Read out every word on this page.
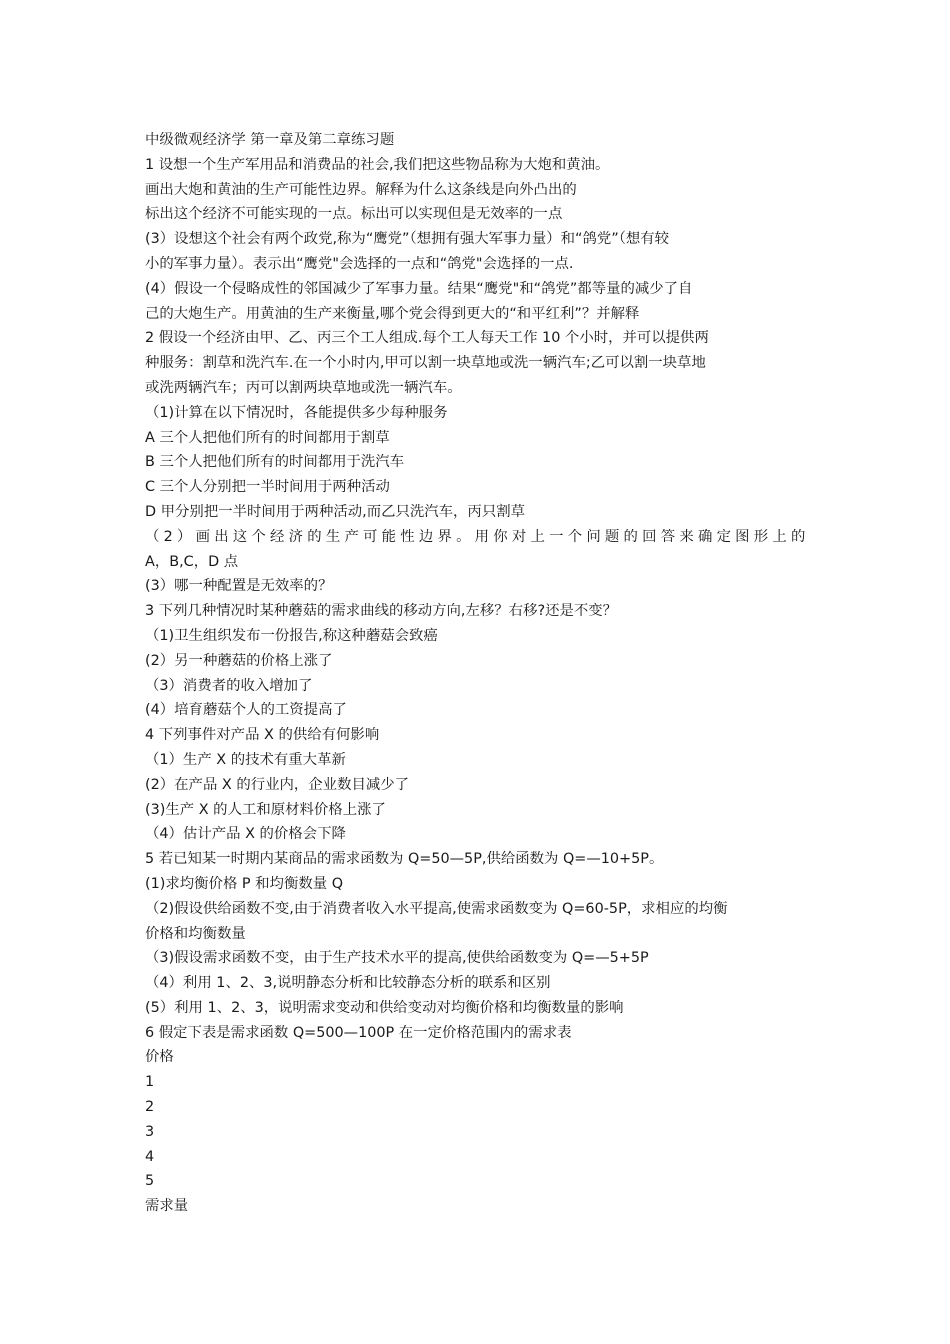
中级微观经济学 第一章及第二章练习题

1 设想一个生产军用品和消费品的社会,我们把这些物品称为大炮和黄油。

画出大炮和黄油的生产可能性边界。解释为什么这条线是向外凸出的

标出这个经济不可能实现的一点。标出可以实现但是无效率的一点

(3）设想这个社会有两个政党,称为“鹰党”（想拥有强大军事力量）和“鸽党”（想有较

小的军事力量）。表示出“鹰党"会选择的一点和“鸽党"会选择的一点.

(4）假设一个侵略成性的邻国减少了军事力量。结果“鹰党"和“鸽党”都等量的减少了自

己的大炮生产。用黄油的生产来衡量,哪个党会得到更大的“和平红利”？并解释

2 假设一个经济由甲、乙、丙三个工人组成.每个工人每天工作 10 个小时，并可以提供两

种服务：割草和洗汽车.在一个小时内,甲可以割一块草地或洗一辆汽车;乙可以割一块草地

或洗两辆汽车；丙可以割两块草地或洗一辆汽车。

（1)计算在以下情况时，各能提供多少每种服务

A 三个人把他们所有的时间都用于割草

B 三个人把他们所有的时间都用于洗汽车

C 三个人分别把一半时间用于两种活动

D 甲分别把一半时间用于两种活动,而乙只洗汽车，丙只割草

（2）画出这个经济的生产可能性边界。用你对上一个问题的回答来确定图形上的

A，B,C，D 点

(3）哪一种配置是无效率的？

3 下列几种情况时某种蘑菇的需求曲线的移动方向,左移？右移?还是不变？

（1)卫生组织发布一份报告,称这种蘑菇会致癌

(2）另一种蘑菇的价格上涨了

（3）消费者的收入增加了

(4）培育蘑菇个人的工资提高了

4 下列事件对产品 X 的供给有何影响

（1）生产 X 的技术有重大革新

(2）在产品 X 的行业内，企业数目减少了

(3)生产 X 的人工和原材料价格上涨了

（4）估计产品 X 的价格会下降

5 若已知某一时期内某商品的需求函数为 Q=50—5P,供给函数为 Q=—10+5P。

(1)求均衡价格 P 和均衡数量 Q

（2)假设供给函数不变,由于消费者收入水平提高,使需求函数变为 Q=60-5P，求相应的均衡

价格和均衡数量

（3)假设需求函数不变，由于生产技术水平的提高,使供给函数变为 Q=—5+5P

（4）利用 1、2、3,说明静态分析和比较静态分析的联系和区别

(5）利用 1、2、3，说明需求变动和供给变动对均衡价格和均衡数量的影响

6 假定下表是需求函数 Q=500—100P 在一定价格范围内的需求表

价格

1

2

3

4

5

需求量
